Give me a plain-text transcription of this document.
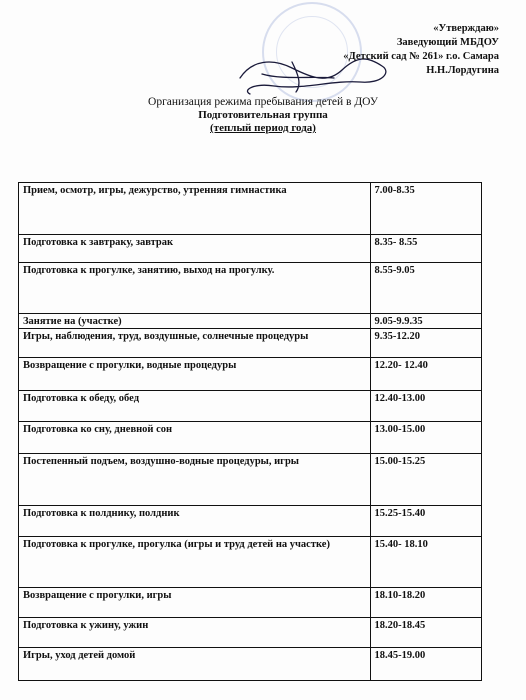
«Утверждаю»
Заведующий МБДОУ
«Детский сад № 261» г.о. Самара
Н.Н.Лордугина
Организация режима пребывания детей в ДОУ
Подготовительная группа
(теплый период года)
Прием, осмотр, игры, дежурство, утренняя гимнастика	7.00-8.35
Подготовка к завтраку, завтрак	8.35- 8.55
Подготовка к прогулке, занятию, выход на прогулку.	8.55-9.05
Занятие на (участке)	9.05-9.9.35
Игры, наблюдения, труд, воздушные, солнечные процедуры	9.35-12.20
Возвращение с прогулки, водные процедуры	12.20- 12.40
Подготовка к обеду, обед	12.40-13.00
Подготовка ко сну, дневной сон	13.00-15.00
Постепенный подъем, воздушно-водные процедуры, игры	15.00-15.25
Подготовка к полднику, полдник	15.25-15.40
Подготовка к прогулке, прогулка (игры и труд детей на участке)	15.40- 18.10
Возвращение с прогулки, игры	18.10-18.20
Подготовка к ужину, ужин	18.20-18.45
Игры, уход детей домой	18.45-19.00
